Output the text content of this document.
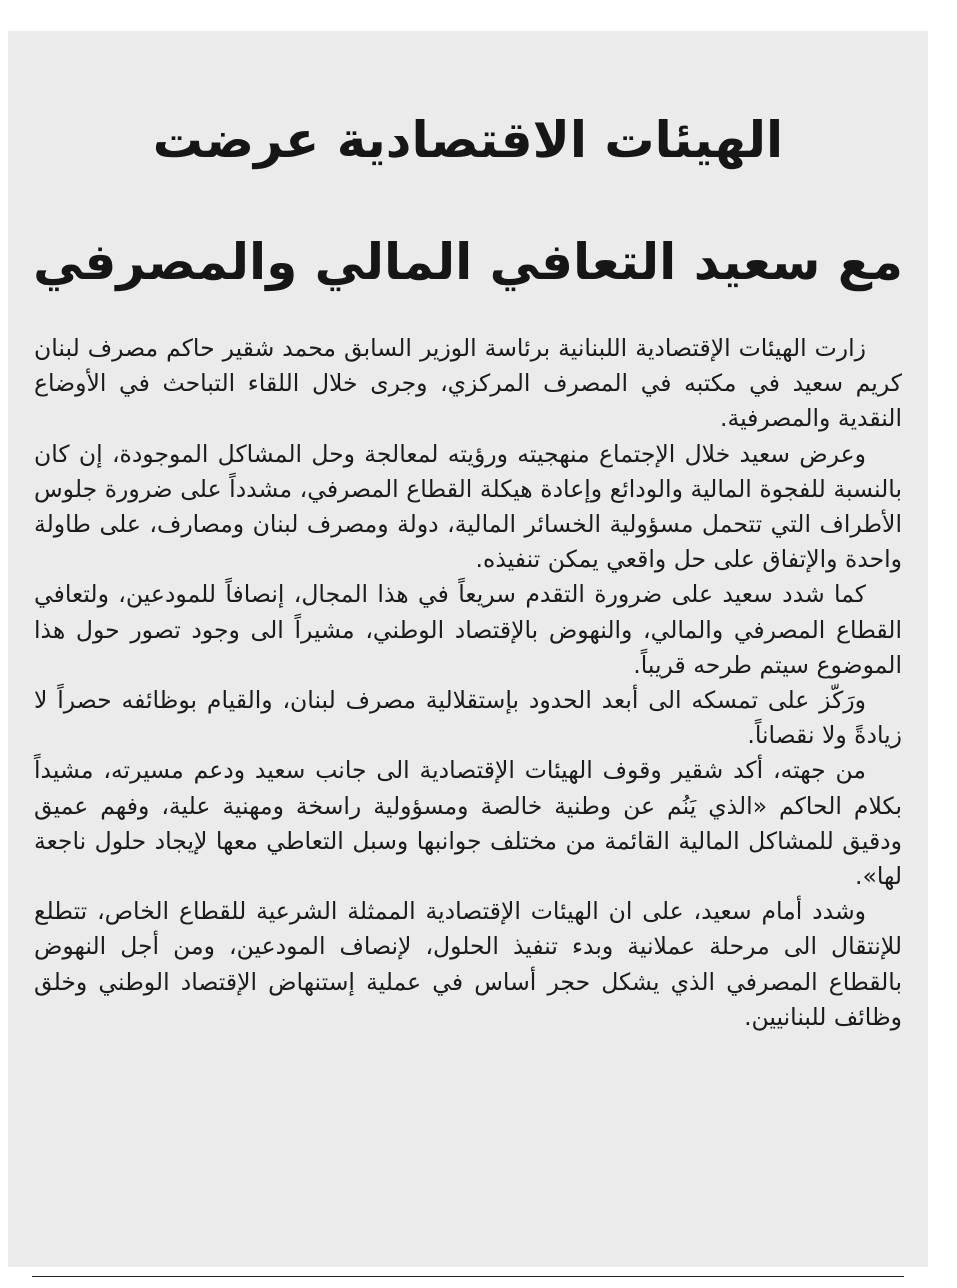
الهيئات الاقتصادية عرضت
مع سعيد التعافي المالي والمصرفي

زارت الهيئات الإقتصادية اللبنانية برئاسة الوزير السابق محمد شقير حاكم مصرف لبنان كريم سعيد في مكتبه في المصرف المركزي، وجرى خلال اللقاء التباحث في الأوضاع النقدية والمصرفية.

وعرض سعيد خلال الإجتماع منهجيته ورؤيته لمعالجة وحل المشاكل الموجودة، إن كان بالنسبة للفجوة المالية والودائع وإعادة هيكلة القطاع المصرفي، مشدداً على ضرورة جلوس الأطراف التي تتحمل مسؤولية الخسائر المالية، دولة ومصرف لبنان ومصارف، على طاولة واحدة والإتفاق على حل واقعي يمكن تنفيذه.

كما شدد سعيد على ضرورة التقدم سريعاً في هذا المجال، إنصافاً للمودعين، ولتعافي القطاع المصرفي والمالي، والنهوض بالإقتصاد الوطني، مشيراً الى وجود تصور حول هذا الموضوع سيتم طرحه قريباً.

ورَكّز على تمسكه الى أبعد الحدود بإستقلالية مصرف لبنان، والقيام بوظائفه حصراً لا زيادةً ولا نقصاناً.

من جهته، أكد شقير وقوف الهيئات الإقتصادية الى جانب سعيد ودعم مسيرته، مشيداً بكلام الحاكم «الذي يَنُم عن وطنية خالصة ومسؤولية راسخة ومهنية علية، وفهم عميق ودقيق للمشاكل المالية القائمة من مختلف جوانبها وسبل التعاطي معها لإيجاد حلول ناجعة لها».

وشدد أمام سعيد، على ان الهيئات الإقتصادية الممثلة الشرعية للقطاع الخاص، تتطلع للإنتقال الى مرحلة عملانية وبدء تنفيذ الحلول، لإنصاف المودعين، ومن أجل النهوض بالقطاع المصرفي الذي يشكل حجر أساس في عملية إستنهاض الإقتصاد الوطني وخلق وظائف للبنانيين.
